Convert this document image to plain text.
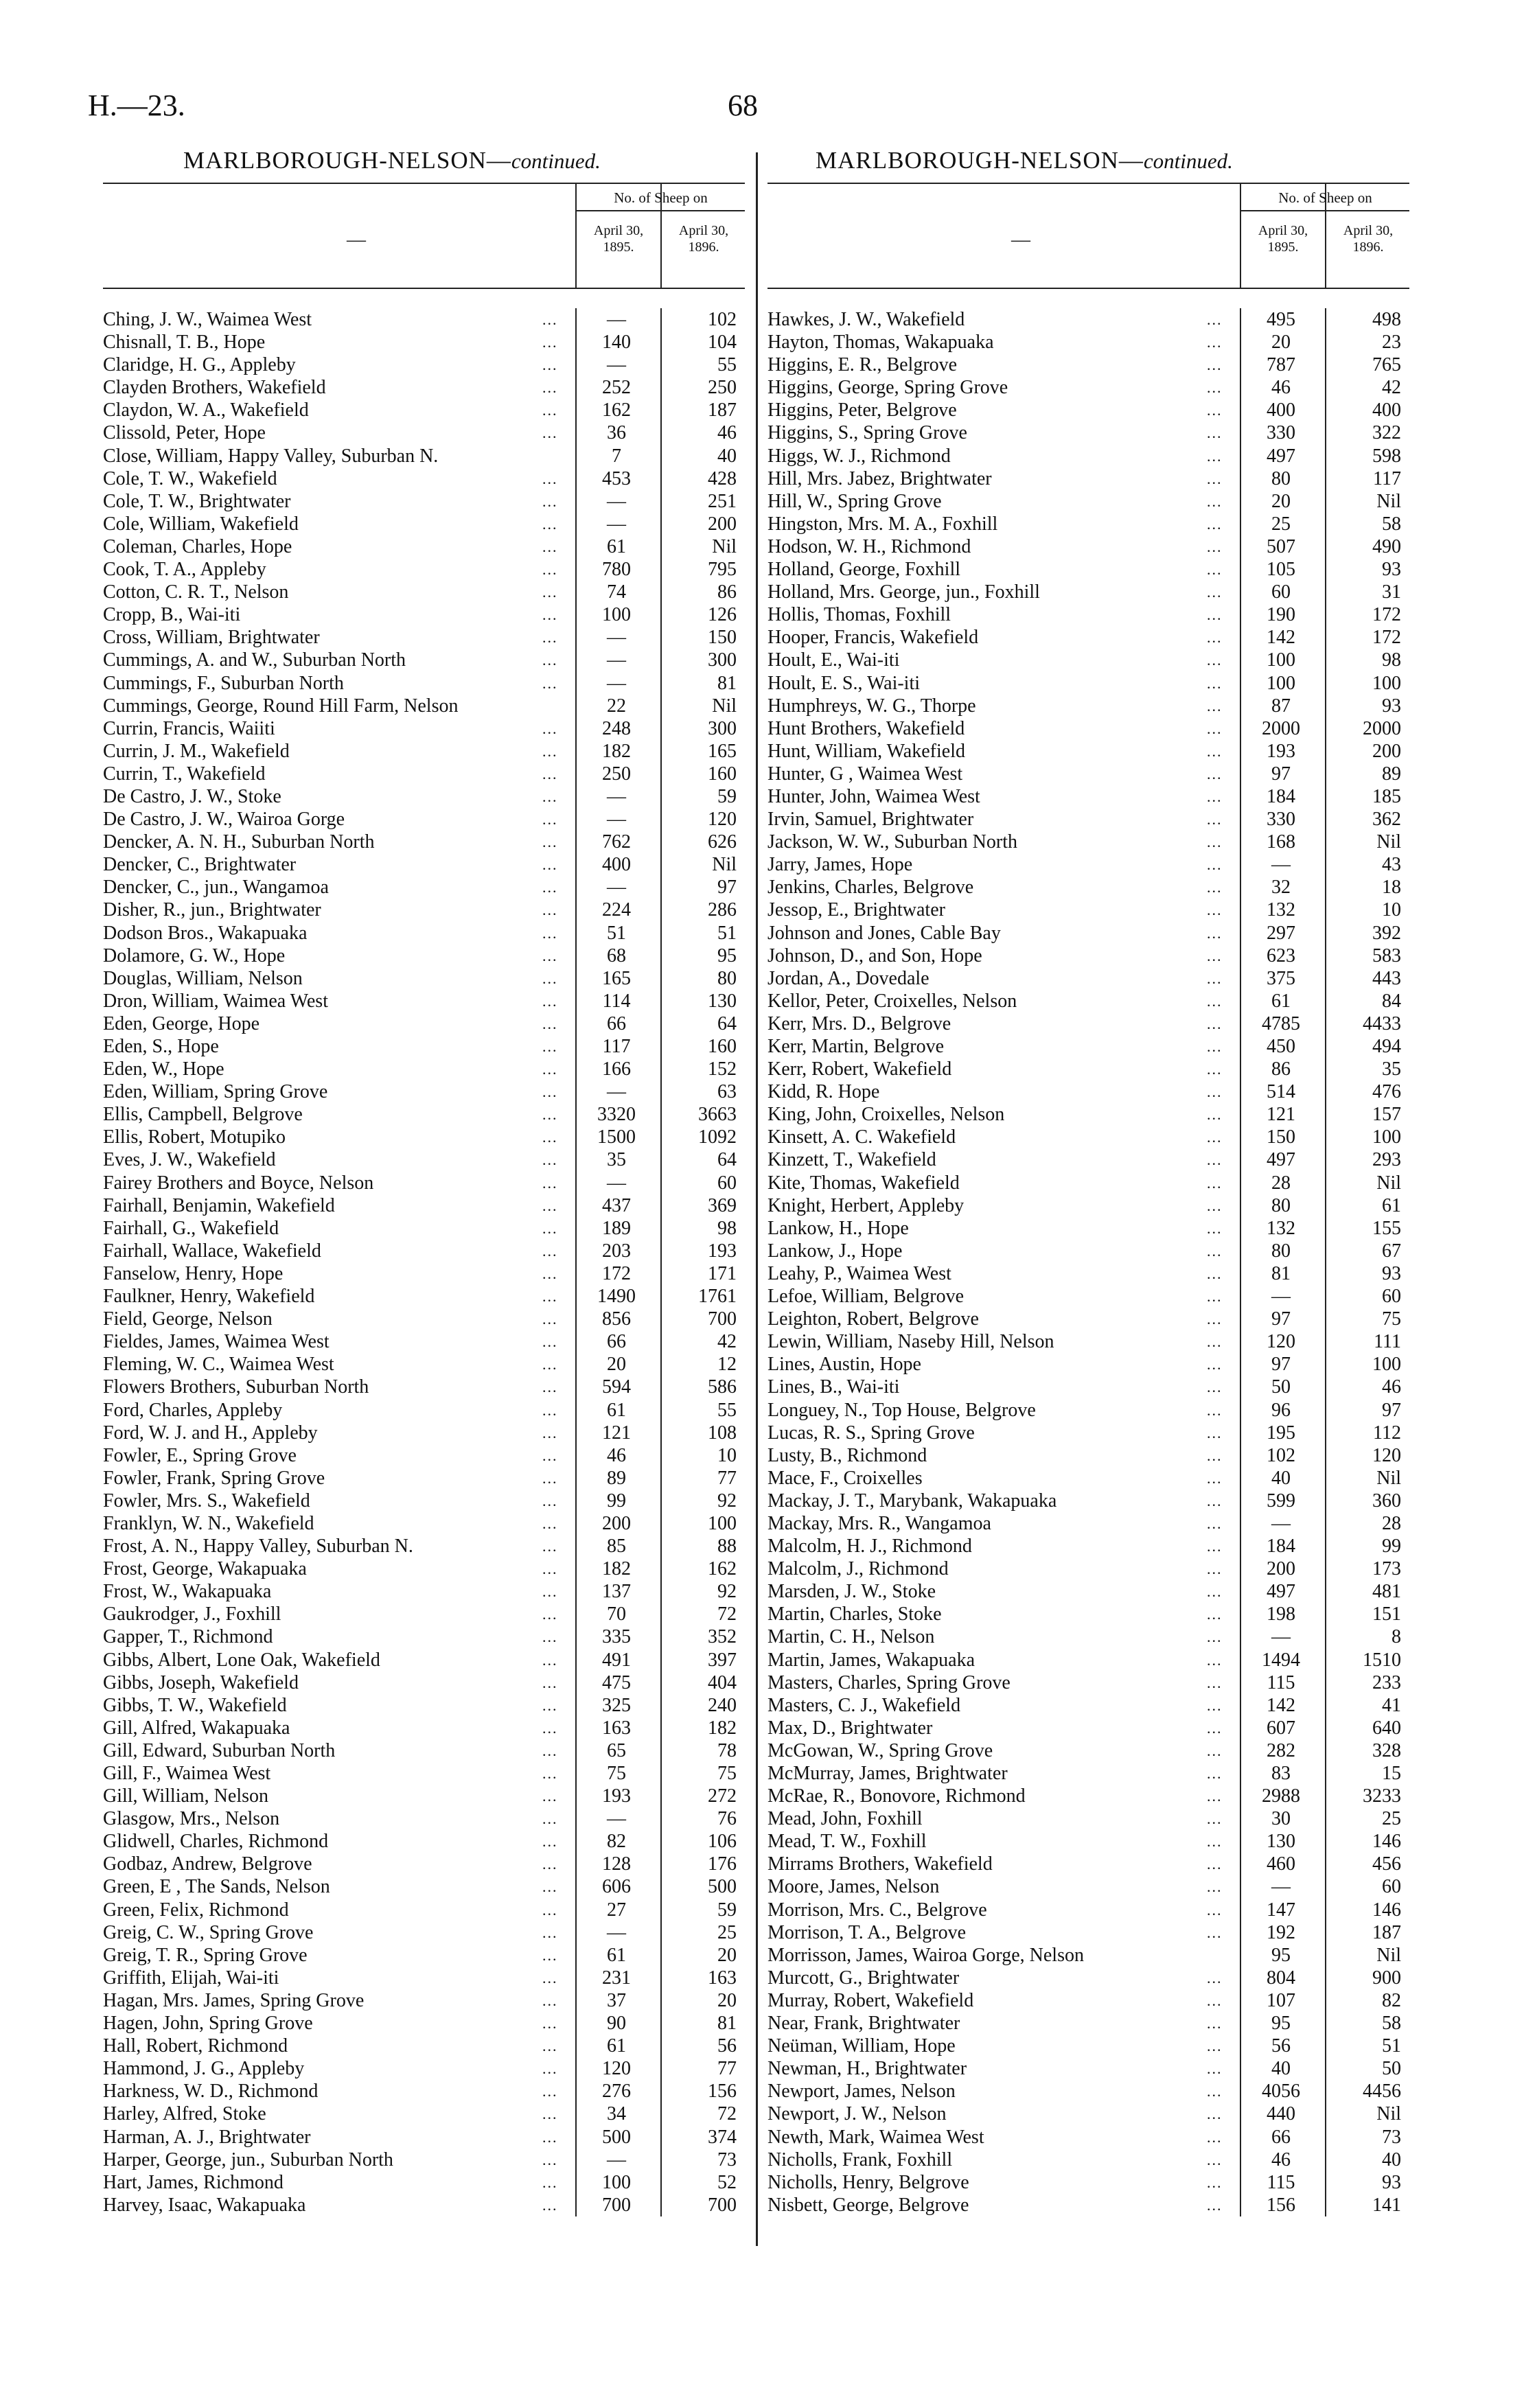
H.—23.	68
MARLBOROUGH-NELSON—continued.
—
No. of Sheep on
April 30, 1895.
April 30, 1896.
Ching, J. W., Waimea West	...	—	102
Chisnall, T. B., Hope	...	140	104
Claridge, H. G., Appleby	...	—	55
Clayden Brothers, Wakefield	...	252	250
Claydon, W. A., Wakefield	...	162	187
Clissold, Peter, Hope	...	36	46
Close, William, Happy Valley, Suburban N.	7	40
Cole, T. W., Wakefield	...	453	428
Cole, T. W., Brightwater	...	—	251
Cole, William, Wakefield	...	—	200
Coleman, Charles, Hope	...	61	Nil
Cook, T. A., Appleby	...	780	795
Cotton, C. R. T., Nelson	...	74	86
Cropp, B., Wai-iti	...	100	126
Cross, William, Brightwater	...	—	150
Cummings, A. and W., Suburban North	...	—	300
Cummings, F., Suburban North	...	—	81
Cummings, George, Round Hill Farm, Nelson	22	Nil
Currin, Francis, Waiiti	...	248	300
Currin, J. M., Wakefield	...	182	165
Currin, T., Wakefield	...	250	160
De Castro, J. W., Stoke	...	—	59
De Castro, J. W., Wairoa Gorge	...	—	120
Dencker, A. N. H., Suburban North	...	762	626
Dencker, C., Brightwater	...	400	Nil
Dencker, C., jun., Wangamoa	...	—	97
Disher, R., jun., Brightwater	...	224	286
Dodson Bros., Wakapuaka	...	51	51
Dolamore, G. W., Hope	...	68	95
Douglas, William, Nelson	...	165	80
Dron, William, Waimea West	...	114	130
Eden, George, Hope	...	66	64
Eden, S., Hope	...	117	160
Eden, W., Hope	...	166	152
Eden, William, Spring Grove	...	—	63
Ellis, Campbell, Belgrove	...	3320	3663
Ellis, Robert, Motupiko	...	1500	1092
Eves, J. W., Wakefield	...	35	64
Fairey Brothers and Boyce, Nelson	...	—	60
Fairhall, Benjamin, Wakefield	...	437	369
Fairhall, G., Wakefield	...	189	98
Fairhall, Wallace, Wakefield	...	203	193
Fanselow, Henry, Hope	...	172	171
Faulkner, Henry, Wakefield	...	1490	1761
Field, George, Nelson	...	856	700
Fieldes, James, Waimea West	...	66	42
Fleming, W. C., Waimea West	...	20	12
Flowers Brothers, Suburban North	...	594	586
Ford, Charles, Appleby	...	61	55
Ford, W. J. and H., Appleby	...	121	108
Fowler, E., Spring Grove	...	46	10
Fowler, Frank, Spring Grove	...	89	77
Fowler, Mrs. S., Wakefield	...	99	92
Franklyn, W. N., Wakefield	...	200	100
Frost, A. N., Happy Valley, Suburban N.	...	85	88
Frost, George, Wakapuaka	...	182	162
Frost, W., Wakapuaka	...	137	92
Gaukrodger, J., Foxhill	...	70	72
Gapper, T., Richmond	...	335	352
Gibbs, Albert, Lone Oak, Wakefield	...	491	397
Gibbs, Joseph, Wakefield	...	475	404
Gibbs, T. W., Wakefield	...	325	240
Gill, Alfred, Wakapuaka	...	163	182
Gill, Edward, Suburban North	...	65	78
Gill, F., Waimea West	...	75	75
Gill, William, Nelson	...	193	272
Glasgow, Mrs., Nelson	...	—	76
Glidwell, Charles, Richmond	...	82	106
Godbaz, Andrew, Belgrove	...	128	176
Green, E , The Sands, Nelson	...	606	500
Green, Felix, Richmond	...	27	59
Greig, C. W., Spring Grove	...	—	25
Greig, T. R., Spring Grove	...	61	20
Griffith, Elijah, Wai-iti	...	231	163
Hagan, Mrs. James, Spring Grove	...	37	20
Hagen, John, Spring Grove	...	90	81
Hall, Robert, Richmond	...	61	56
Hammond, J. G., Appleby	...	120	77
Harkness, W. D., Richmond	...	276	156
Harley, Alfred, Stoke	...	34	72
Harman, A. J., Brightwater	...	500	374
Harper, George, jun., Suburban North	...	—	73
Hart, James, Richmond	...	100	52
Harvey, Isaac, Wakapuaka	...	700	700
MARLBOROUGH-NELSON—continued.
—
No. of Sheep on
April 30, 1895.
April 30, 1896.
Hawkes, J. W., Wakefield	...	495	498
Hayton, Thomas, Wakapuaka	...	20	23
Higgins, E. R., Belgrove	...	787	765
Higgins, George, Spring Grove	...	46	42
Higgins, Peter, Belgrove	...	400	400
Higgins, S., Spring Grove	...	330	322
Higgs, W. J., Richmond	...	497	598
Hill, Mrs. Jabez, Brightwater	...	80	117
Hill, W., Spring Grove	...	20	Nil
Hingston, Mrs. M. A., Foxhill	...	25	58
Hodson, W. H., Richmond	...	507	490
Holland, George, Foxhill	...	105	93
Holland, Mrs. George, jun., Foxhill	...	60	31
Hollis, Thomas, Foxhill	...	190	172
Hooper, Francis, Wakefield	...	142	172
Hoult, E., Wai-iti	...	100	98
Hoult, E. S., Wai-iti	...	100	100
Humphreys, W. G., Thorpe	...	87	93
Hunt Brothers, Wakefield	...	2000	2000
Hunt, William, Wakefield	...	193	200
Hunter, G , Waimea West	...	97	89
Hunter, John, Waimea West	...	184	185
Irvin, Samuel, Brightwater	...	330	362
Jackson, W. W., Suburban North	...	168	Nil
Jarry, James, Hope	...	—	43
Jenkins, Charles, Belgrove	...	32	18
Jessop, E., Brightwater	...	132	10
Johnson and Jones, Cable Bay	...	297	392
Johnson, D., and Son, Hope	...	623	583
Jordan, A., Dovedale	...	375	443
Kellor, Peter, Croixelles, Nelson	...	61	84
Kerr, Mrs. D., Belgrove	...	4785	4433
Kerr, Martin, Belgrove	...	450	494
Kerr, Robert, Wakefield	...	86	35
Kidd, R. Hope	...	514	476
King, John, Croixelles, Nelson	...	121	157
Kinsett, A. C. Wakefield	...	150	100
Kinzett, T., Wakefield	...	497	293
Kite, Thomas, Wakefield	...	28	Nil
Knight, Herbert, Appleby	...	80	61
Lankow, H., Hope	...	132	155
Lankow, J., Hope	...	80	67
Leahy, P., Waimea West	...	81	93
Lefoe, William, Belgrove	...	—	60
Leighton, Robert, Belgrove	...	97	75
Lewin, William, Naseby Hill, Nelson	...	120	111
Lines, Austin, Hope	...	97	100
Lines, B., Wai-iti	...	50	46
Longuey, N., Top House, Belgrove	...	96	97
Lucas, R. S., Spring Grove	...	195	112
Lusty, B., Richmond	...	102	120
Mace, F., Croixelles	...	40	Nil
Mackay, J. T., Marybank, Wakapuaka	...	599	360
Mackay, Mrs. R., Wangamoa	...	—	28
Malcolm, H. J., Richmond	...	184	99
Malcolm, J., Richmond	...	200	173
Marsden, J. W., Stoke	...	497	481
Martin, Charles, Stoke	...	198	151
Martin, C. H., Nelson	...	—	8
Martin, James, Wakapuaka	...	1494	1510
Masters, Charles, Spring Grove	...	115	233
Masters, C. J., Wakefield	...	142	41
Max, D., Brightwater	...	607	640
McGowan, W., Spring Grove	...	282	328
McMurray, James, Brightwater	...	83	15
McRae, R., Bonovore, Richmond	...	2988	3233
Mead, John, Foxhill	...	30	25
Mead, T. W., Foxhill	...	130	146
Mirrams Brothers, Wakefield	...	460	456
Moore, James, Nelson	...	—	60
Morrison, Mrs. C., Belgrove	...	147	146
Morrison, T. A., Belgrove	...	192	187
Morrisson, James, Wairoa Gorge, Nelson	95	Nil
Murcott, G., Brightwater	...	804	900
Murray, Robert, Wakefield	...	107	82
Near, Frank, Brightwater	...	95	58
Neüman, William, Hope	...	56	51
Newman, H., Brightwater	...	40	50
Newport, James, Nelson	...	4056	4456
Newport, J. W., Nelson	...	440	Nil
Newth, Mark, Waimea West	...	66	73
Nicholls, Frank, Foxhill	...	46	40
Nicholls, Henry, Belgrove	...	115	93
Nisbett, George, Belgrove	...	156	141
